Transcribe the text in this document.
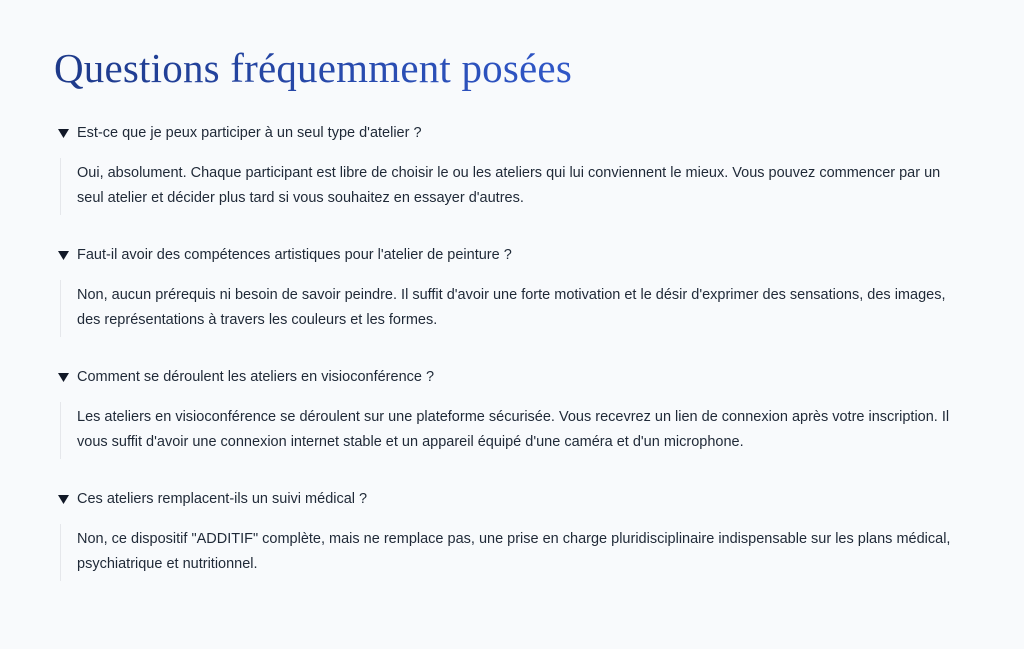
Questions fréquemment posées
Est-ce que je peux participer à un seul type d'atelier ?
Oui, absolument. Chaque participant est libre de choisir le ou les ateliers qui lui conviennent le mieux. Vous pouvez commencer par un seul atelier et décider plus tard si vous souhaitez en essayer d'autres.
Faut-il avoir des compétences artistiques pour l'atelier de peinture ?
Non, aucun prérequis ni besoin de savoir peindre. Il suffit d'avoir une forte motivation et le désir d'exprimer des sensations, des images, des représentations à travers les couleurs et les formes.
Comment se déroulent les ateliers en visioconférence ?
Les ateliers en visioconférence se déroulent sur une plateforme sécurisée. Vous recevrez un lien de connexion après votre inscription. Il vous suffit d'avoir une connexion internet stable et un appareil équipé d'une caméra et d'un microphone.
Ces ateliers remplacent-ils un suivi médical ?
Non, ce dispositif "ADDITIF" complète, mais ne remplace pas, une prise en charge pluridisciplinaire indispensable sur les plans médical, psychiatrique et nutritionnel.
